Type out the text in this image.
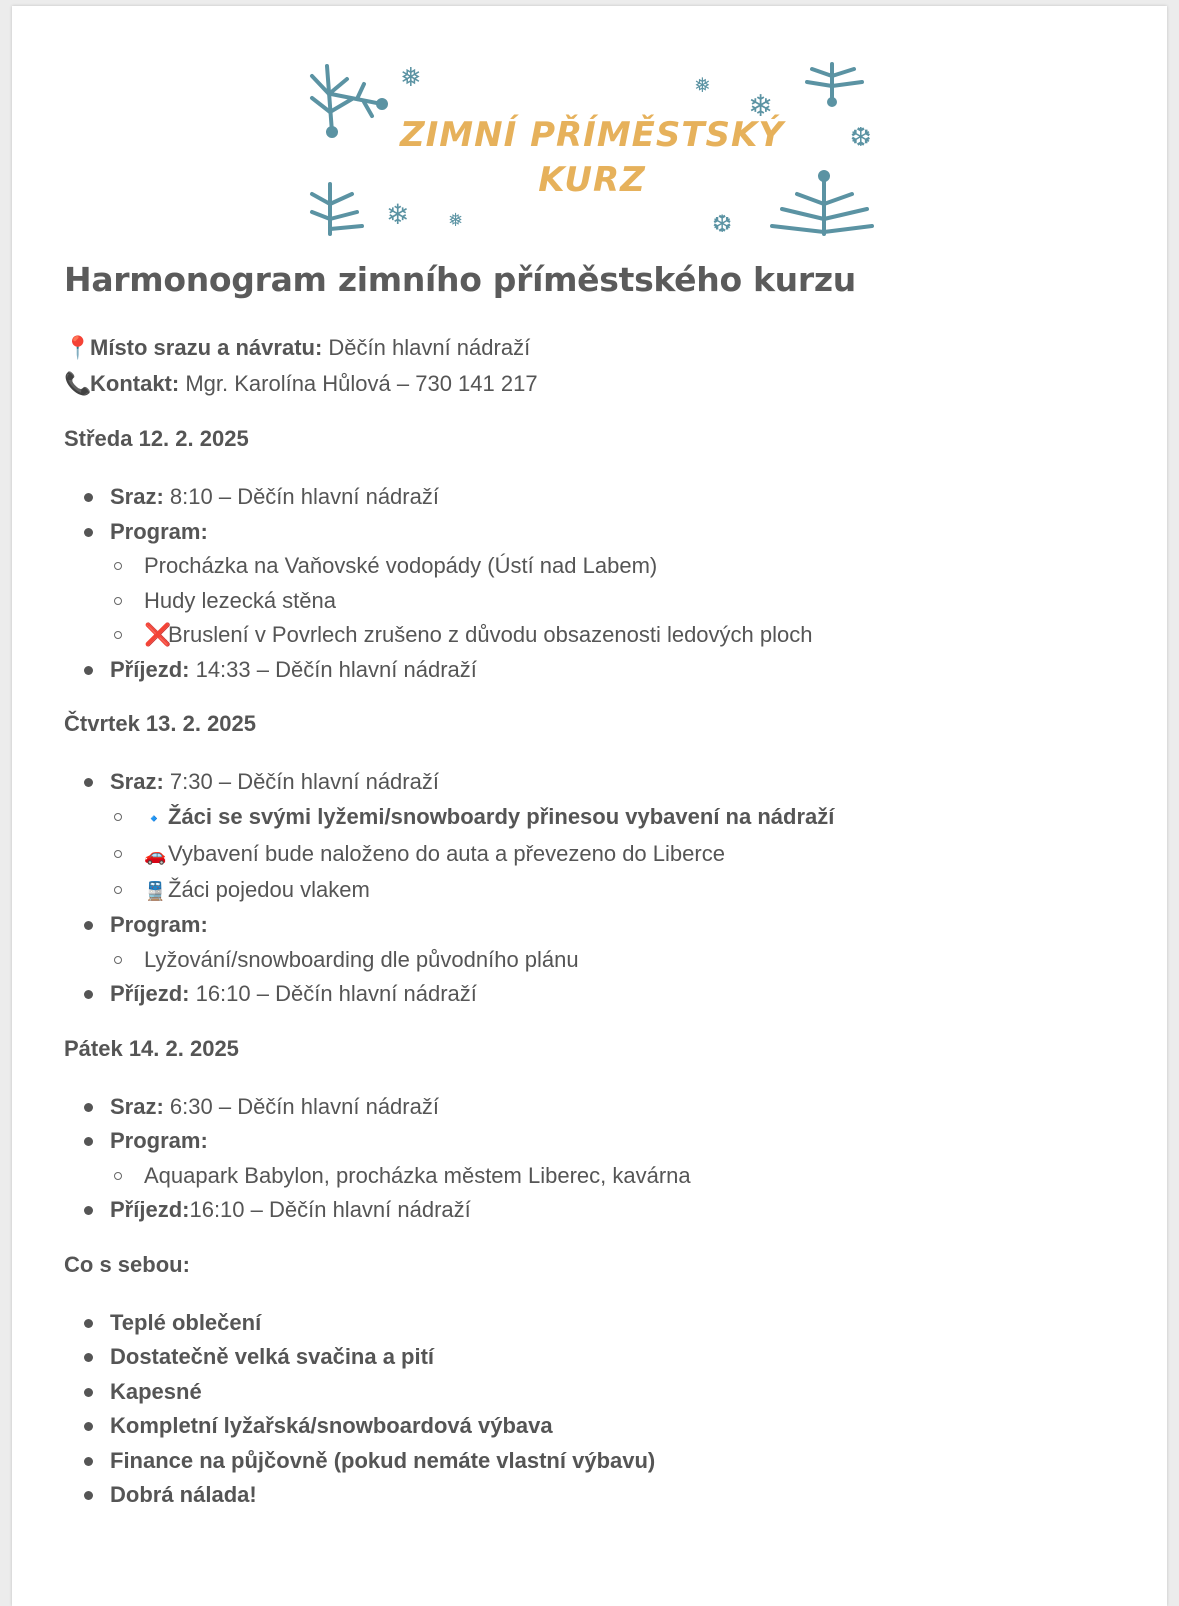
❅	❅
❄
❆
❄ ❅	❆
ZIMNÍ PŘÍMĚSTSKÝ
KURZ
Harmonogram zimního příměstského kurzu
📍Místo srazu a návratu: Děčín hlavní nádraží
📞Kontakt: Mgr. Karolína Hůlová – 730 141 217
Středa 12. 2. 2025
Sraz: 8:10 – Děčín hlavní nádraží
Program:
Procházka na Vaňovské vodopády (Ústí nad Labem)
Hudy lezecká stěna
❌Bruslení v Povrlech zrušeno z důvodu obsazenosti ledových ploch
Příjezd: 14:33 – Děčín hlavní nádraží
Čtvrtek 13. 2. 2025
Sraz: 7:30 – Děčín hlavní nádraží
🔹 Žáci se svými lyžemi/snowboardy přinesou vybavení na nádraží
🚗Vybavení bude naloženo do auta a převezeno do Liberce
🚆Žáci pojedou vlakem
Program:
Lyžování/snowboarding dle původního plánu
Příjezd: 16:10 – Děčín hlavní nádraží
Pátek 14. 2. 2025
Sraz: 6:30 – Děčín hlavní nádraží
Program:
Aquapark Babylon, procházka městem Liberec, kavárna
Příjezd:16:10 – Děčín hlavní nádraží
Co s sebou:
Teplé oblečení
Dostatečně velká svačina a pití
Kapesné
Kompletní lyžařská/snowboardová výbava
Finance na půjčovně (pokud nemáte vlastní výbavu)
Dobrá nálada!
